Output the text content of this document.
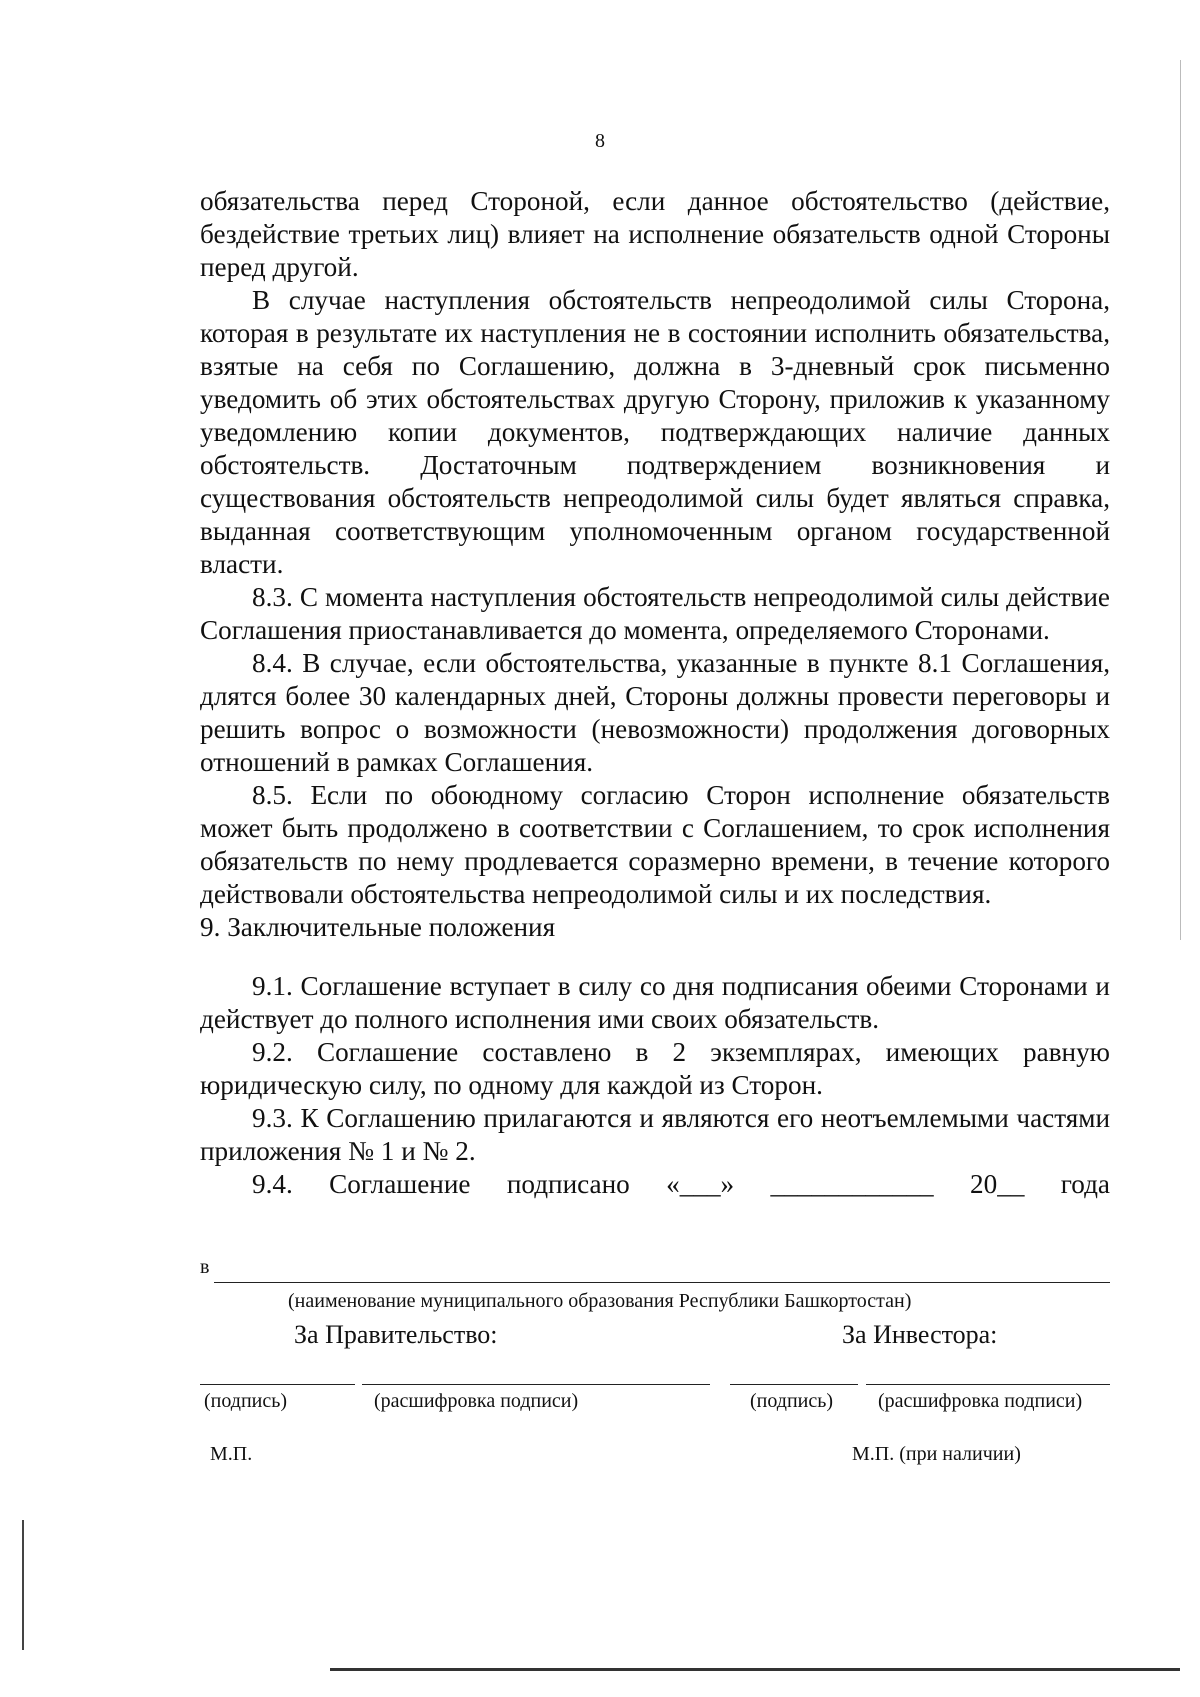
8

обязательства перед Стороной, если данное обстоятельство (действие, бездействие третьих лиц) влияет на исполнение обязательств одной Стороны перед другой.

В случае наступления обстоятельств непреодолимой силы Сторона, которая в результате их наступления не в состоянии исполнить обязательства, взятые на себя по Соглашению, должна в 3-дневный срок письменно уведомить об этих обстоятельствах другую Сторону, приложив к указанному уведомлению копии документов, подтверждающих наличие данных обстоятельств. Достаточным подтверждением возникновения и существования обстоятельств непреодолимой силы будет являться справка, выданная соответствующим уполномоченным органом государственной власти.

8.3. С момента наступления обстоятельств непреодолимой силы действие Соглашения приостанавливается до момента, определяемого Сторонами.

8.4. В случае, если обстоятельства, указанные в пункте 8.1 Соглашения, длятся более 30 календарных дней, Стороны должны провести переговоры и решить вопрос о возможности (невозможности) продолжения договорных отношений в рамках Соглашения.

8.5. Если по обоюдному согласию Сторон исполнение обязательств может быть продолжено в соответствии с Соглашением, то срок исполнения обязательств по нему продлевается соразмерно времени, в течение которого действовали обстоятельства непреодолимой силы и их последствия.

9. Заключительные положения

9.1. Соглашение вступает в силу со дня подписания обеими Сторонами и действует до полного исполнения ими своих обязательств.

9.2. Соглашение составлено в 2 экземплярах, имеющих равную юридическую силу, по одному для каждой из Сторон.

9.3. К Соглашению прилагаются и являются его неотъемлемыми частями приложения № 1 и № 2.

9.4. Соглашение подписано «___» ____________ 20__ года

в
(наименование муниципального образования Республики Башкортостан)
За Правительство:	За Инвестора:
(подпись)	(расшифровка подписи)	(подпись) (расшифровка подписи)
М.П.	М.П. (при наличии)
